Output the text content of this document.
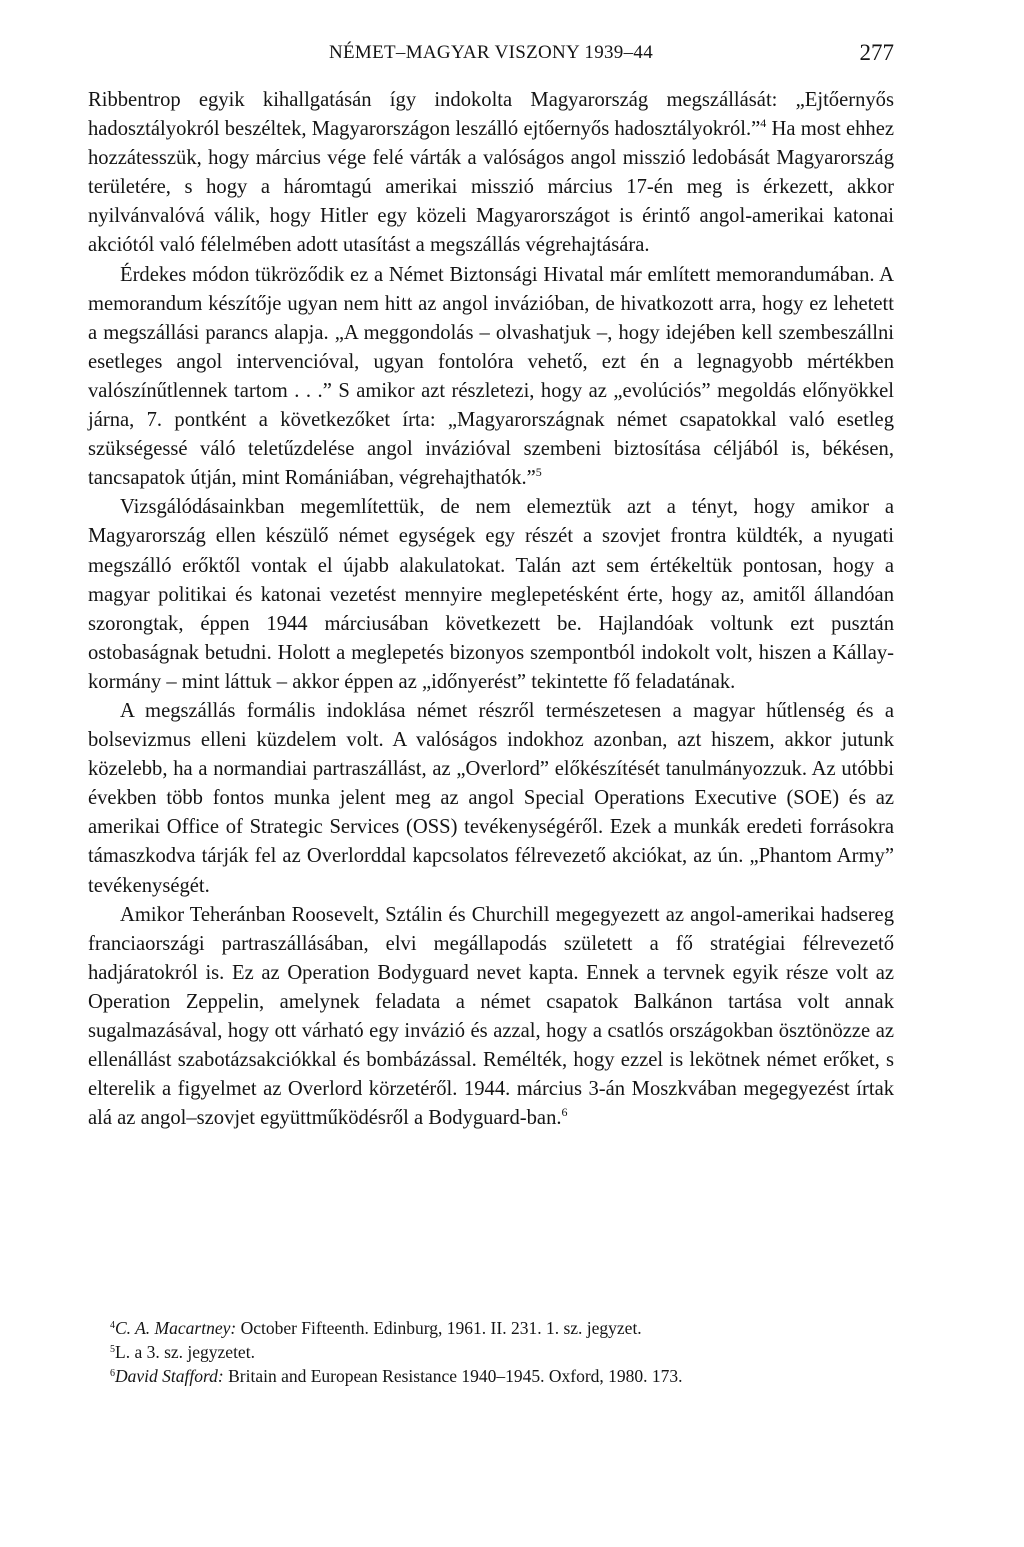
NÉMET–MAGYAR VISZONY 1939–44	277

Ribbentrop egyik kihallgatásán így indokolta Magyarország megszállását: „Ejtőernyős hadosztályokról beszéltek, Magyarországon leszálló ejtőernyős hadosztályokról.”$^4$ Ha most ehhez hozzátesszük, hogy március vége felé várták a valóságos angol misszió ledobását Magyarország területére, s hogy a háromtagú amerikai misszió március 17-én meg is érkezett, akkor nyilvánvalóvá válik, hogy Hitler egy közeli Magyarországot is érintő angol-amerikai katonai akciótól való félelmében adott utasítást a megszállás végrehajtására.

Érdekes módon tükröződik ez a Német Biztonsági Hivatal már említett memorandumában. A memorandum készítője ugyan nem hitt az angol invázióban, de hivatkozott arra, hogy ez lehetett a megszállási parancs alapja. „A meggondolás – olvashatjuk –, hogy idejében kell szembeszállni esetleges angol intervencióval, ugyan fontolóra vehető, ezt én a legnagyobb mértékben valószínűtlennek tartom . . .” S amikor azt részletezi, hogy az „evolúciós” megoldás előnyökkel járna, 7. pontként a következőket írta: „Magyarországnak német csapatokkal való esetleg szükségessé váló teletűzdelése angol invázióval szembeni biztosítása céljából is, békésen, tancsapatok útján, mint Romániában, végrehajthatók.”$^5$

Vizsgálódásainkban megemlítettük, de nem elemeztük azt a tényt, hogy amikor a Magyarország ellen készülő német egységek egy részét a szovjet frontra küldték, a nyugati megszálló erőktől vontak el újabb alakulatokat. Talán azt sem értékeltük pontosan, hogy a magyar politikai és katonai vezetést mennyire meglepetésként érte, hogy az, amitől állandóan szorongtak, éppen 1944 márciusában következett be. Hajlandóak voltunk ezt pusztán ostobaságnak betudni. Holott a meglepetés bizonyos szempontból indokolt volt, hiszen a Kállay-kormány – mint láttuk – akkor éppen az „időnyerést” tekintette fő feladatának.

A megszállás formális indoklása német részről természetesen a magyar hűtlenség és a bolsevizmus elleni küzdelem volt. A valóságos indokhoz azonban, azt hiszem, akkor jutunk közelebb, ha a normandiai partraszállást, az „Overlord” előkészítését tanulmányozzuk. Az utóbbi években több fontos munka jelent meg az angol Special Operations Executive (SOE) és az amerikai Office of Strategic Services (OSS) tevékenységéről. Ezek a munkák eredeti forrásokra támaszkodva tárják fel az Overlorddal kapcsolatos félrevezető akciókat, az ún. „Phantom Army” tevékenységét.

Amikor Teheránban Roosevelt, Sztálin és Churchill megegyezett az angol-amerikai hadsereg franciaországi partraszállásában, elvi megállapodás született a fő stratégiai félrevezető hadjáratokról is. Ez az Operation Bodyguard nevet kapta. Ennek a tervnek egyik része volt az Operation Zeppelin, amelynek feladata a német csapatok Balkánon tartása volt annak sugalmazásával, hogy ott várható egy invázió és azzal, hogy a csatlós országokban ösztönözze az ellenállást szabotázsakciókkal és bombázással. Remélték, hogy ezzel is lekötnek német erőket, s elterelik a figyelmet az Overlord körzetéről. 1944. március 3-án Moszkvában megegyezést írtak alá az angol–szovjet együttműködésről a Bodyguard-ban.$^6$

$^4$C. A. Macartney: October Fifteenth. Edinburg, 1961. II. 231. 1. sz. jegyzet.

$^5$L. a 3. sz. jegyzetet.

$^6$David Stafford: Britain and European Resistance 1940–1945. Oxford, 1980. 173.
